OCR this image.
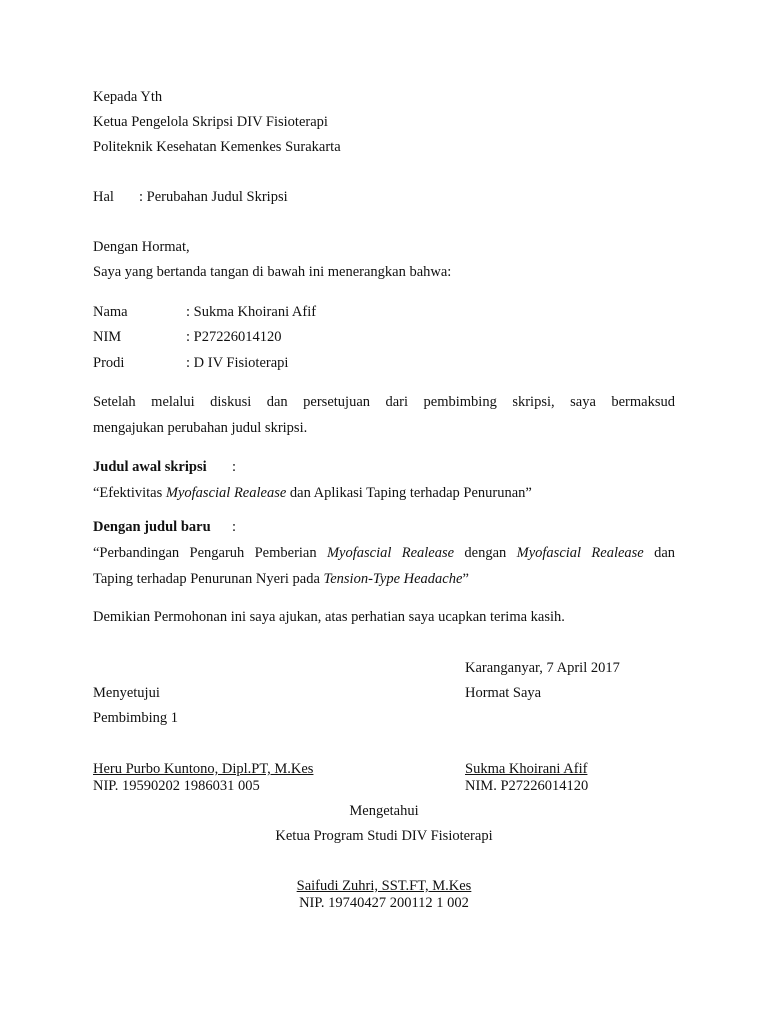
Kepada Yth
Ketua Pengelola Skripsi DIV Fisioterapi
Politeknik Kesehatan Kemenkes Surakarta
Hal : Perubahan Judul Skripsi
Dengan Hormat,
Saya yang bertanda tangan di bawah ini menerangkan bahwa:
Nama	: Sukma Khoirani Afif
NIM	: P27226014120
Prodi	: D IV Fisioterapi
Setelah melalui diskusi dan persetujuan dari pembimbing skripsi, saya bermaksud
mengajukan perubahan judul skripsi.
Judul awal skripsi :
“Efektivitas Myofascial Realease dan Aplikasi Taping terhadap Penurunan”
Dengan judul baru :
“Perbandingan Pengaruh Pemberian Myofascial Realease dengan Myofascial Realease dan
Taping terhadap Penurunan Nyeri pada Tension-Type Headache”
Demikian Permohonan ini saya ajukan, atas perhatian saya ucapkan terima kasih.
Karanganyar, 7 April 2017
Menyetujui	Hormat Saya
Pembimbing 1
Heru Purbo Kuntono, Dipl.PT, M.Kes
NIP. 19590202 1986031 005
Sukma Khoirani Afif
NIM. P27226014120
Mengetahui
Ketua Program Studi DIV Fisioterapi
Saifudi Zuhri, SST.FT, M.Kes
NIP. 19740427 200112 1 002
